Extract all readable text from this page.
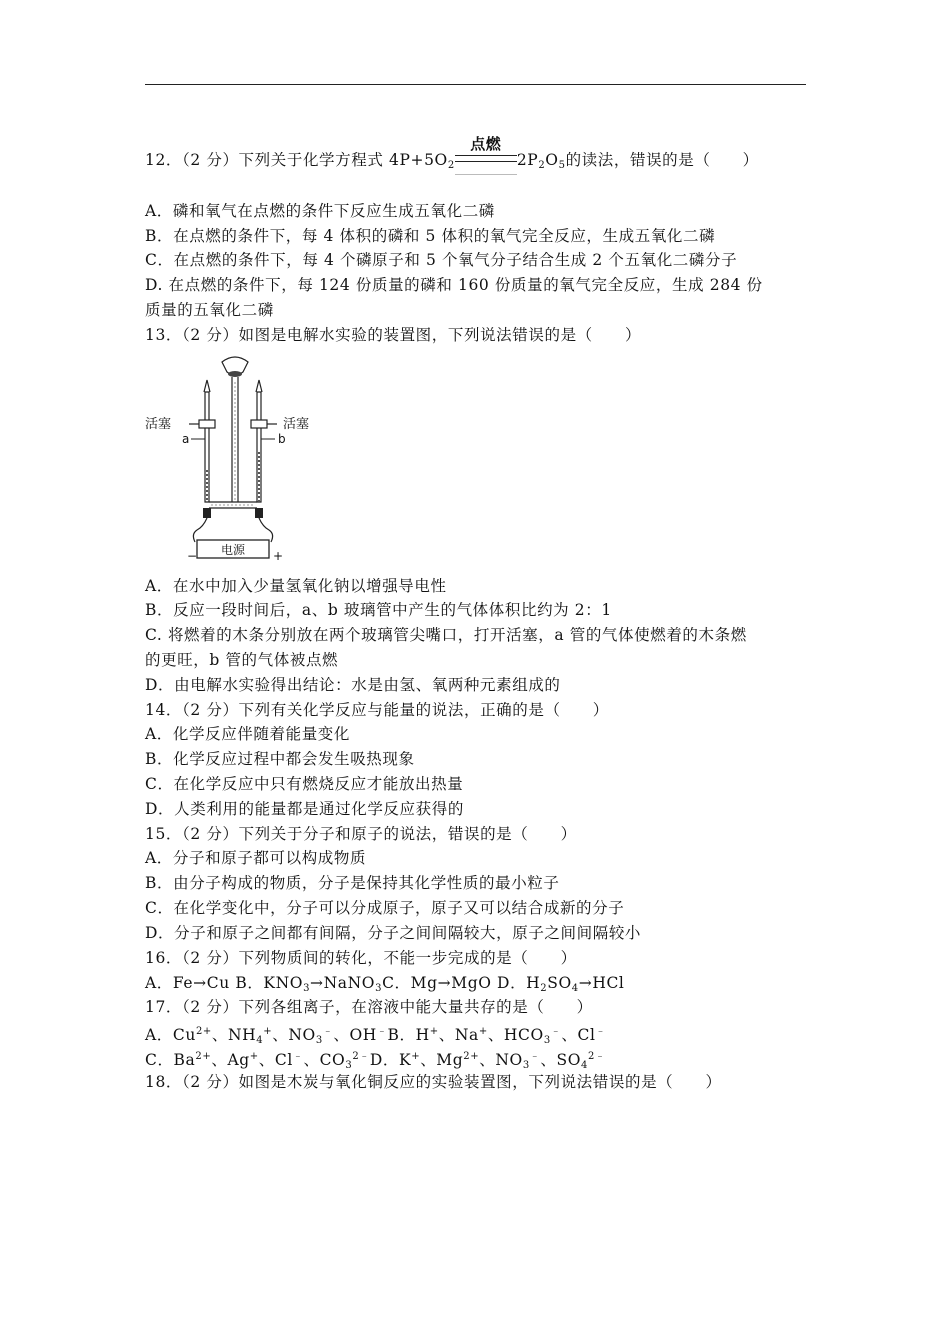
12．（2 分）下列关于化学方程式 $4P+5O_2$
点燃
$2P_2O_5$的读法，错误的是（　　）
A．磷和氧气在点燃的条件下反应生成五氧化二磷
B．在点燃的条件下，每 4 体积的磷和 5 体积的氧气完全反应，生成五氧化二磷
C．在点燃的条件下，每 4 个磷原子和 5 个氧气分子结合生成 2 个五氧化二磷分子
D. 在点燃的条件下，每 124 份质量的磷和 160 份质量的氧气完全反应，生成 284 份
质量的五氧化二磷
13．（2 分）如图是电解水实验的装置图，下列说法错误的是（　　）
电源
−	+
活塞	活塞
a	b
A．在水中加入少量氢氧化钠以增强导电性
B．反应一段时间后，a、b 玻璃管中产生的气体体积比约为 2：1
C. 将燃着的木条分别放在两个玻璃管尖嘴口，打开活塞，a 管的气体使燃着的木条燃
的更旺，b 管的气体被点燃
D．由电解水实验得出结论：水是由氢、氧两种元素组成的
14．（2 分）下列有关化学反应与能量的说法，正确的是（　　）
A．化学反应伴随着能量变化
B．化学反应过程中都会发生吸热现象
C．在化学反应中只有燃烧反应才能放出热量
D．人类利用的能量都是通过化学反应获得的
15．（2 分）下列关于分子和原子的说法，错误的是（　　）
A．分子和原子都可以构成物质
B．由分子构成的物质，分子是保持其化学性质的最小粒子
C．在化学变化中，分子可以分成原子，原子又可以结合成新的分子
D．分子和原子之间都有间隔，分子之间间隔较大，原子之间间隔较小
16．（2 分）下列物质间的转化，不能一步完成的是（　　）
A．Fe→Cu B．$KNO_3\to NaNO_3C$．Mg→MgO D．$H_2SO_4\to HCl$
17．（2 分）下列各组离子，在溶液中能大量共存的是（　　）
A．$Cu^{2+}$、$NH_4^+$、$NO_3^﹣$、OH﹣B．H+、Na+、$HCO_3^﹣$、Cl﹣
C．$Ba^{2+}$、Ag+、Cl﹣、$CO_3^{2﹣}D$．K+、$Mg^{2+}$、$NO_3^﹣$、$SO_4^{2﹣}$
18．（2 分）如图是木炭与氧化铜反应的实验装置图，下列说法错误的是（　　）
